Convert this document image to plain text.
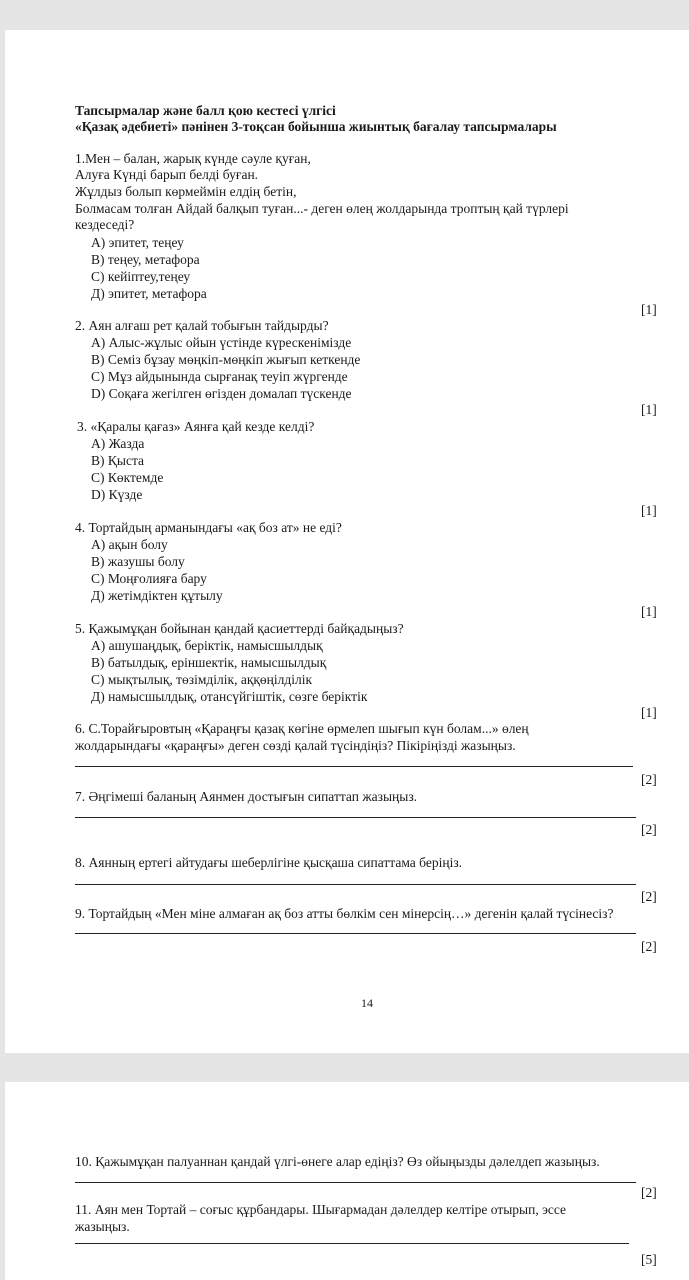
Тапсырмалар және балл қою кестесі үлгісі
«Қазақ әдебиеті» пәнінен 3-тоқсан бойынша жиынтық бағалау тапсырмалары
1.Мен – балан, жарық күнде сәуле қуған,
Алуға Күнді барып белді буған.
Жұлдыз болып көрмеймін елдің бетін,
Болмасам толған Айдай балқып туған...- деген өлең жолдарында троптың қай түрлері
кездеседі?
А) эпитет, теңеу
В) теңеу, метафора
С) кейіптеу,теңеу
Д) эпитет, метафора
[1]
2. Аян алғаш рет қалай тобығын тайдырды?
А) Алыс-жұлыс ойын үстінде күрескенімізде
В) Семіз бұзау мөңкіп-мөңкіп жығып кеткенде
С) Мұз айдынында сырғанақ теуіп жүргенде
D) Соқаға жегілген өгізден домалап түскенде
[1]
3. «Қаралы қағаз» Аянға қай кезде келді?
А) Жазда
В) Қыста
С) Көктемде
D) Күзде
[1]
4. Тортайдың арманындағы «ақ боз ат» не еді?
А) ақын болу
В) жазушы болу
С) Моңғолияға бару
Д) жетімдіктен құтылу
[1]
5. Қажымұқан бойынан қандай қасиеттерді байқадыңыз?
А) ашушаңдық, беріктік, намысшылдық
В) батылдық, еріншектік, намысшылдық
С) мықтылық, төзімділік, аққөңілділік
Д) намысшылдық, отансүйгіштік, сөзге беріктік
[1]
6. С.Торайғыровтың «Қараңғы қазақ көгіне өрмелеп шығып күн болам...» өлең
жолдарындағы «қараңғы» деген сөзді қалай түсіндіңіз? Пікіріңізді жазыңыз.
[2]
7. Әңгімеші баланың Аянмен достығын сипаттап жазыңыз.
[2]
8. Аянның ертегі айтудағы шеберлігіне қысқаша сипаттама беріңіз.
[2]
9. Тортайдың «Мен міне алмаған ақ боз атты бөлкім сен мінерсің…» дегенін қалай түсінесіз?
[2]
14
10. Қажымұқан палуаннан қандай үлгі-өнеге алар едіңіз? Өз ойыңызды дәлелдеп жазыңыз.
[2]
11. Аян мен Тортай – соғыс құрбандары. Шығармадан дәлелдер келтіре отырып, эссе
жазыңыз.
[5]
